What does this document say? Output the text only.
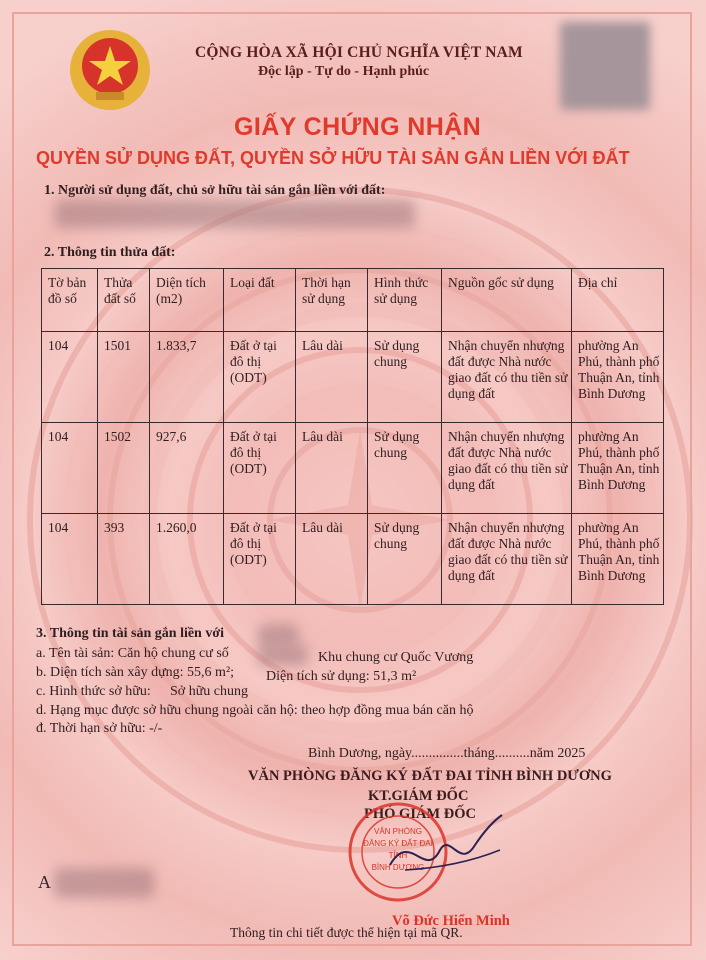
CỘNG HÒA XÃ HỘI CHỦ NGHĨA VIỆT NAM
Độc lập - Tự do - Hạnh phúc
GIẤY CHỨNG NHẬN
QUYỀN SỬ DỤNG ĐẤT, QUYỀN SỞ HỮU TÀI SẢN GẮN LIỀN VỚI ĐẤT
1. Người sử dụng đất, chủ sở hữu tài sản gắn liền với đất:
2. Thông tin thửa đất:
Tờ bản đồ số	Thửa đất số	Diện tích (m2)	Loại đất	Thời hạn sử dụng	Hình thức sử dụng	Nguồn gốc sử dụng	Địa chỉ
104	1501	1.833,7	Đất ở tại đô thị (ODT)	Lâu dài	Sử dụng chung	Nhận chuyển nhượng đất được Nhà nước giao đất có thu tiền sử dụng đất	phường An Phú, thành phố Thuận An, tỉnh Bình Dương
104	1502	927,6	Đất ở tại đô thị (ODT)	Lâu dài	Sử dụng chung	Nhận chuyển nhượng đất được Nhà nước giao đất có thu tiền sử dụng đất	phường An Phú, thành phố Thuận An, tỉnh Bình Dương
104	393	1.260,0	Đất ở tại đô thị (ODT)	Lâu dài	Sử dụng chung	Nhận chuyển nhượng đất được Nhà nước giao đất có thu tiền sử dụng đất	phường An Phú, thành phố Thuận An, tỉnh Bình Dương
3. Thông tin tài sản gắn liền với
a. Tên tài sản: Căn hộ chung cư số	Khu chung cư Quốc Vương
b. Diện tích sàn xây dựng: 55,6 m²; Diện tích sử dụng: 51,3 m²
c. Hình thức sở hữu: Sở hữu chung
d. Hạng mục được sở hữu chung ngoài căn hộ: theo hợp đồng mua bán căn hộ
đ. Thời hạn sở hữu: -/-
Bình Dương, ngày...............tháng..........năm 2025
VĂN PHÒNG ĐĂNG KÝ ĐẤT ĐAI TỈNH BÌNH DƯƠNG
KT.GIÁM ĐỐC
PHÓ GIÁM ĐỐC
VĂN PHÒNG
ĐĂNG KÝ ĐẤT ĐAI
TỈNH
BÌNH DƯƠNG
Võ Đức Hiển Minh
A
Thông tin chi tiết được thể hiện tại mã QR.
